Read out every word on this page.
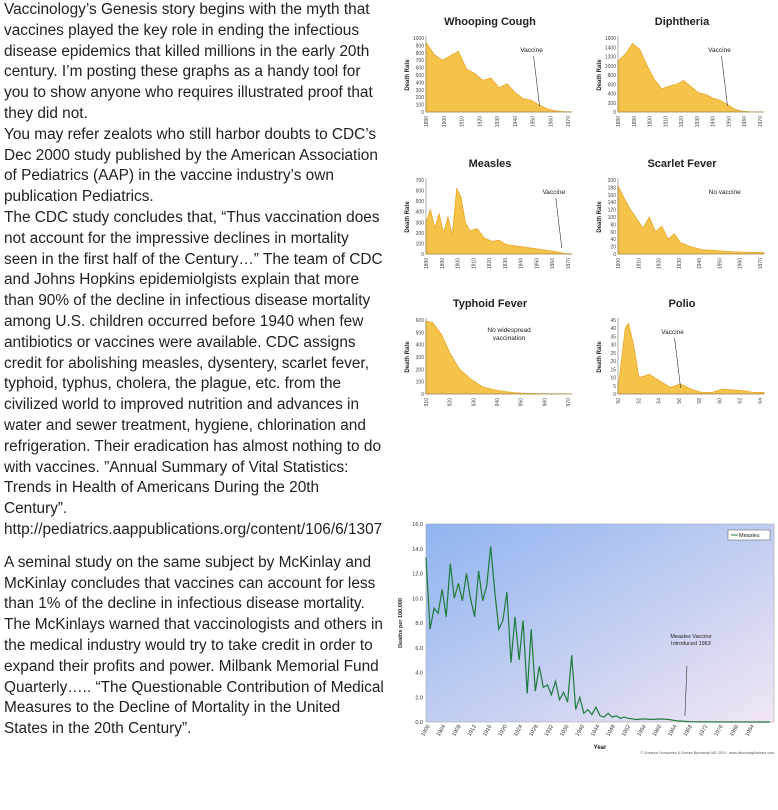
Vaccinology’s Genesis story begins with the myth that vaccines played the key role in ending the infectious disease epidemics that killed millions in the early 20th century. I’m posting these graphs as a handy tool for you to show anyone who requires illustrated proof that they did not.

You may refer zealots who still harbor doubts to CDC’s Dec 2000 study published by the American Association of Pediatrics (AAP) in the vaccine industry’s own publication Pediatrics.

The CDC study concludes that, “Thus vaccination does not account for the impressive declines in mortality seen in the first half of the Century…” The team of CDC and Johns Hopkins epidemiolgists explain that more than 90% of the decline in infectious disease mortality among U.S. children occurred before 1940 when few antibiotics or vaccines were available. CDC assigns credit for abolishing measles, dysentery, scarlet fever, typhoid, typhus, cholera, the plague, etc. from the civilized world to improved nutrition and advances in water and sewer treatment, hygiene, chlorination and refrigeration. Their eradication has almost nothing to do with vaccines. ”Annual Summary of Vital Statistics:  Trends in Health of Americans During the 20th Century”.

http://pediatrics.aappublications.org/content/106/6/1307

A seminal study on the same subject by McKinlay and McKinlay concludes that vaccines can account for less than 1% of the decline in infectious disease mortality.

The McKinlays warned that vaccinologists and others in the medical industry would try to take credit in order to expand their profits and power. Milbank Memorial Fund Quarterly….. “The Questionable Contribution of Medical Measures to the Decline of Mortality in the United States in the 20th Century”.

Whooping Cough
1000
900
800
700
600
500
400
300
200
100
0
1890 1900 1910 1920 1930 1940 1950 1960 1970
Death Rate
Vaccine
Diphtheria
1600
1400
1200
1000
800
600
400
200
0
1880 1890 1900 1910 1920 1930 1940 1950 1960 1970
Death Rate
Vaccine
Measles
700
600
500
400
300
200
100
0
1880 1890 1900 1910 1920 1930 1940 1950 1960 1970
Death Rate
Vaccine
Scarlet Fever
200
180
160
140
120
100
80
60
40
20
0
1900	1910	1920	1930	1940	1950	1960	1970
Death Rate
No vaccine
Typhoid Fever
600
500
400
300
200
100
0
910	920	930	940	950	960	970
Death Rate
No widespread
vaccination
Polio
45
40
35
30
25
20
15
10
5
0
50	52	54	56	58	60	62	64
Death Rate
Vaccine
16.0
14.0
12.0
10.0
8.0
6.0
4.0
2.0
0.0
1900 1904 1908 1912 1916 1920 1924 1928 1932 1936 1940 1944 1948 1952 1956 1960 1964 1968 1972 1976 1980 1984
Year
Deaths per 100,000
Measles
Measles Vaccine
Introduced 1963
© Suzanne Humphries & Roman Bystrianyk MD 2013 · www.dissolvingillusions.com
